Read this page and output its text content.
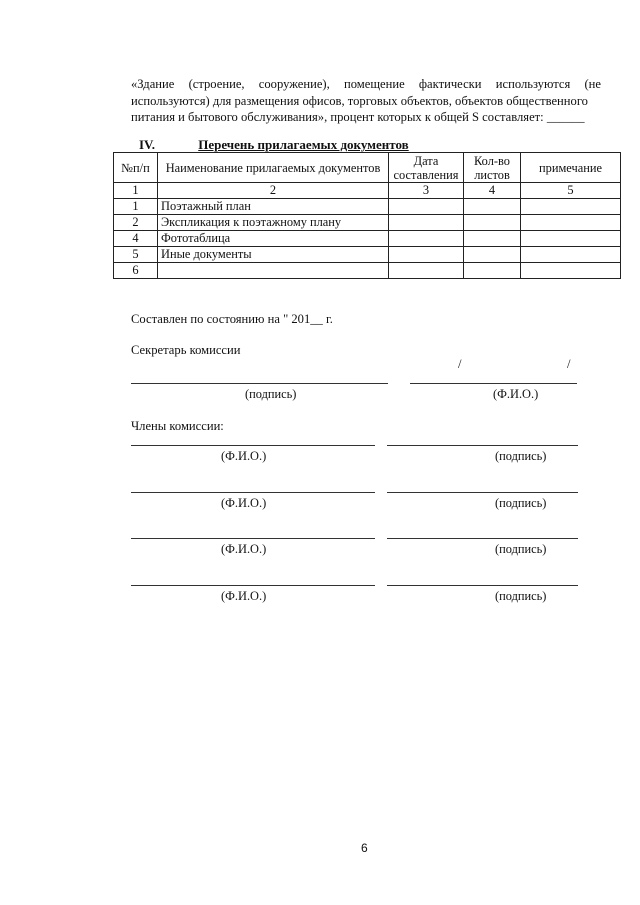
«Здание (строение, сооружение), помещение фактически используются (не используются) для размещения офисов, торговых объектов, объектов общественного
питания и бытового обслуживания», процент которых к общей S составляет: ______
IV.	Перечень прилагаемых документов
№п/п	Наименование прилагаемых документов	Дата составления	Кол-во листов	примечание
1	2	3	4	5
1	Поэтажный план			
2	Экспликация к поэтажному плану			
4	Фототаблица			
5	Иные документы			
6				
Составлен по состоянию на " 201__ г.
Секретарь комиссии
/	/
(подпись)	(Ф.И.О.)
Члены комиссии:
(Ф.И.О.)	(подпись)
(Ф.И.О.)	(подпись)
(Ф.И.О.)	(подпись)
(Ф.И.О.)	(подпись)
6
